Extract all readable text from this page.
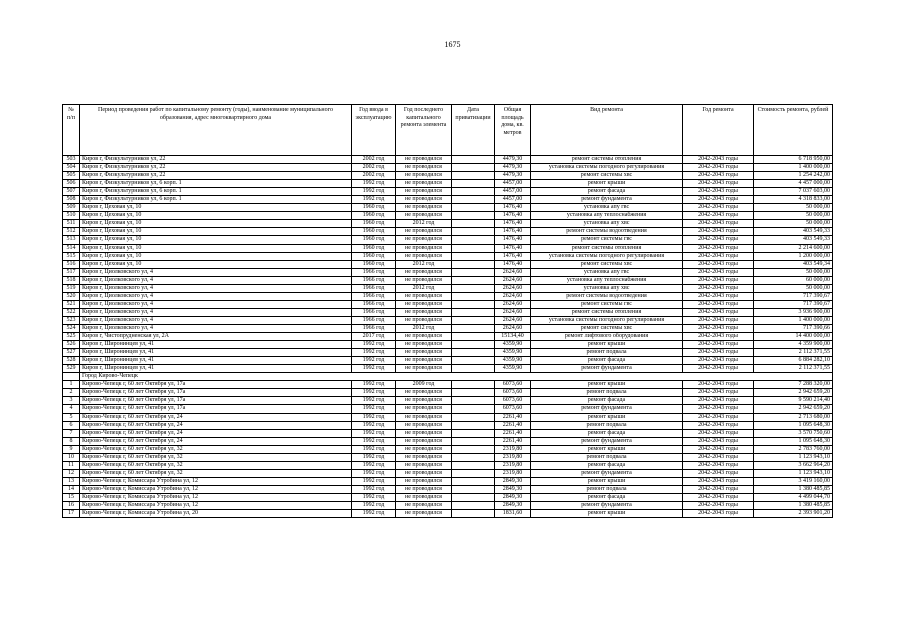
1675
№ п/п	Период проведения работ по капитальному ремонту (годы), наименование муниципального образования, адрес многоквартирного дома	Год ввода в эксплуатацию	Год последнего капитального ремонта элемента	Дата приватизации	Общая площадь дома, кв. метров	Вид ремонта	Год ремонта	Стоимость ремонта, рублей
503	Киров г, Физкультурников ул, 22	2002 год	не проводился		4479,30	ремонт системы отопления	2042-2043 годы	6 718 950,00
504	Киров г, Физкультурников ул, 22	2002 год	не проводился		4479,30	установка системы погодного регулирования	2042-2043 годы	1 400 000,00
505	Киров г, Физкультурников ул, 22	2002 год	не проводился		4479,30	ремонт системы хвс	2042-2043 годы	1 254 242,00
506	Киров г, Физкультурников ул, 6 корп. 1	1992 год	не проводился		4457,00	ремонт крыши	2042-2043 годы	4 457 000,00
507	Киров г, Физкультурников ул, 6 корп. 1	1992 год	не проводился		4457,00	ремонт фасада	2042-2043 годы	7 037 603,00
508	Киров г, Физкультурников ул, 6 корп. 1	1992 год	не проводился		4457,00	ремонт фундамента	2042-2043 годы	4 318 833,00
509	Киров г, Цеховая ул, 10	1960 год	не проводился		1476,40	установка апу гвс	2042-2043 годы	50 000,00
510	Киров г, Цеховая ул, 10	1960 год	не проводился		1476,40	установка апу теплоснабжения	2042-2043 годы	50 000,00
511	Киров г, Цеховая ул, 10	1960 год	2012 год		1476,40	установка апу хвс	2042-2043 годы	50 000,00
512	Киров г, Цеховая ул, 10	1960 год	не проводился		1476,40	ремонт системы водоотведения	2042-2043 годы	403 549,33
513	Киров г, Цеховая ул, 10	1960 год	не проводился		1476,40	ремонт системы гвс	2042-2043 годы	403 549,33
514	Киров г, Цеховая ул, 10	1960 год	не проводился		1476,40	ремонт системы отопления	2042-2043 годы	2 214 600,00
515	Киров г, Цеховая ул, 10	1960 год	не проводился		1476,40	установка системы погодного регулирования	2042-2043 годы	1 200 000,00
516	Киров г, Цеховая ул, 10	1960 год	2012 год		1476,40	ремонт системы хвс	2042-2043 годы	403 549,34
517	Киров г, Циолковского ул, 4	1966 год	не проводился		2624,60	установка апу гвс	2042-2043 годы	50 000,00
518	Киров г, Циолковского ул, 4	1966 год	не проводился		2624,60	установка апу теплоснабжения	2042-2043 годы	60 000,00
519	Киров г, Циолковского ул, 4	1966 год	2012 год		2624,60	установка апу хвс	2042-2043 годы	50 000,00
520	Киров г, Циолковского ул, 4	1966 год	не проводился		2624,60	ремонт системы водоотведения	2042-2043 годы	717 390,67
521	Киров г, Циолковского ул, 4	1966 год	не проводился		2624,60	ремонт системы гвс	2042-2043 годы	717 390,67
522	Киров г, Циолковского ул, 4	1966 год	не проводился		2624,60	ремонт системы отопления	2042-2043 годы	3 936 900,00
523	Киров г, Циолковского ул, 4	1966 год	не проводился		2624,60	установка системы погодного регулирования	2042-2043 годы	1 400 000,00
524	Киров г, Циолковского ул, 4	1966 год	2012 год		2624,60	ремонт системы хвс	2042-2043 годы	717 390,66
525	Киров г, Чистопрудненская ул, 2А	2017 год	не проводился		15134,40	ремонт лифтового оборудования	2042-2043 годы	14 400 000,00
526	Киров г, Широнинцев ул, 41	1992 год	не проводился		4359,90	ремонт крыши	2042-2043 годы	4 359 900,00
527	Киров г, Широнинцев ул, 41	1992 год	не проводился		4359,90	ремонт подвала	2042-2043 годы	2 112 371,55
528	Киров г, Широнинцев ул, 41	1992 год	не проводился		4359,90	ремонт фасада	2042-2043 годы	6 884 282,10
529	Киров г, Широнинцев ул, 41	1992 год	не проводился		4359,90	ремонт фундамента	2042-2043 годы	2 112 371,55
	Город Кирово-Чепецк							
1	Кирово-Чепецк г, 60 лет Октября ул, 17а	1992 год	2009 год		6073,60	ремонт крыши	2042-2043 годы	7 288 320,00
2	Кирово-Чепецк г, 60 лет Октября ул, 17а	1992 год	не проводился		6073,60	ремонт подвала	2042-2043 годы	2 942 659,20
3	Кирово-Чепецк г, 60 лет Октября ул, 17а	1992 год	не проводился		6073,60	ремонт фасада	2042-2043 годы	9 590 214,40
4	Кирово-Чепецк г, 60 лет Октября ул, 17а	1992 год	не проводился		6073,60	ремонт фундамента	2042-2043 годы	2 942 659,20
5	Кирово-Чепецк г, 60 лет Октября ул, 24	1992 год	не проводился		2261,40	ремонт крыши	2042-2043 годы	2 713 680,00
6	Кирово-Чепецк г, 60 лет Октября ул, 24	1992 год	не проводился		2261,40	ремонт подвала	2042-2043 годы	1 095 648,30
7	Кирово-Чепецк г, 60 лет Октября ул, 24	1992 год	не проводился		2261,40	ремонт фасада	2042-2043 годы	3 570 750,60
8	Кирово-Чепецк г, 60 лет Октября ул, 24	1992 год	не проводился		2261,40	ремонт фундамента	2042-2043 годы	1 095 648,30
9	Кирово-Чепецк г, 60 лет Октября ул, 32	1992 год	не проводился		2319,80	ремонт крыши	2042-2043 годы	2 783 760,00
10	Кирово-Чепецк г, 60 лет Октября ул, 32	1992 год	не проводился		2319,80	ремонт подвала	2042-2043 годы	1 123 943,10
11	Кирово-Чепецк г, 60 лет Октября ул, 32	1992 год	не проводился		2319,80	ремонт фасада	2042-2043 годы	3 662 964,20
12	Кирово-Чепецк г, 60 лет Октября ул, 32	1992 год	не проводился		2319,80	ремонт фундамента	2042-2043 годы	1 123 943,10
13	Кирово-Чепецк г, Комиссара Утробина ул, 12	1992 год	не проводился		2849,30	ремонт крыши	2042-2043 годы	3 419 160,00
14	Кирово-Чепецк г, Комиссара Утробина ул, 12	1992 год	не проводился		2849,30	ремонт подвала	2042-2043 годы	1 380 485,85
15	Кирово-Чепецк г, Комиссара Утробина ул, 12	1992 год	не проводился		2849,30	ремонт фасада	2042-2043 годы	4 499 044,70
16	Кирово-Чепецк г, Комиссара Утробина ул, 12	1992 год	не проводился		2849,30	ремонт фундамента	2042-2043 годы	1 380 485,85
17	Кирово-Чепецк г, Комиссара Утробина ул, 20	1992 год	не проводился		1831,60	ремонт крыши	2042-2043 годы	2 393 901,20
